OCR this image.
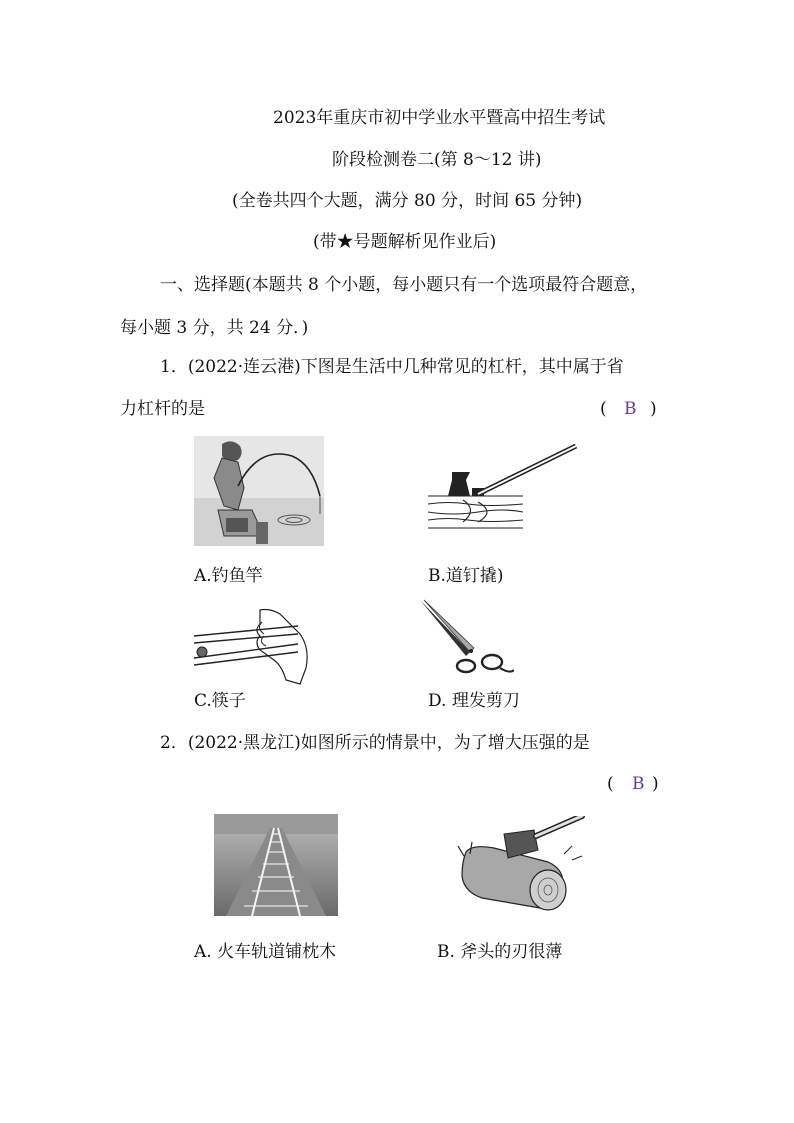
2023年重庆市初中学业水平暨高中招生考试
阶段检测卷二(第 8～12 讲)
(全卷共四个大题，满分 80 分，时间 65 分钟)
(带★号题解析见作业后)
一、选择题(本题共 8 个小题，每小题只有一个选项最符合题意，
每小题 3 分，共 24 分．)
1．(2022·连云港)下图是生活中几种常见的杠杆，其中属于省
力杠杆的是	( B )
A.钓鱼竿	B.道钉撬)
C.筷子	D. 理发剪刀
2．(2022·黑龙江)如图所示的情景中，为了增大压强的是
( B )
A. 火车轨道铺枕木	B. 斧头的刃很薄
